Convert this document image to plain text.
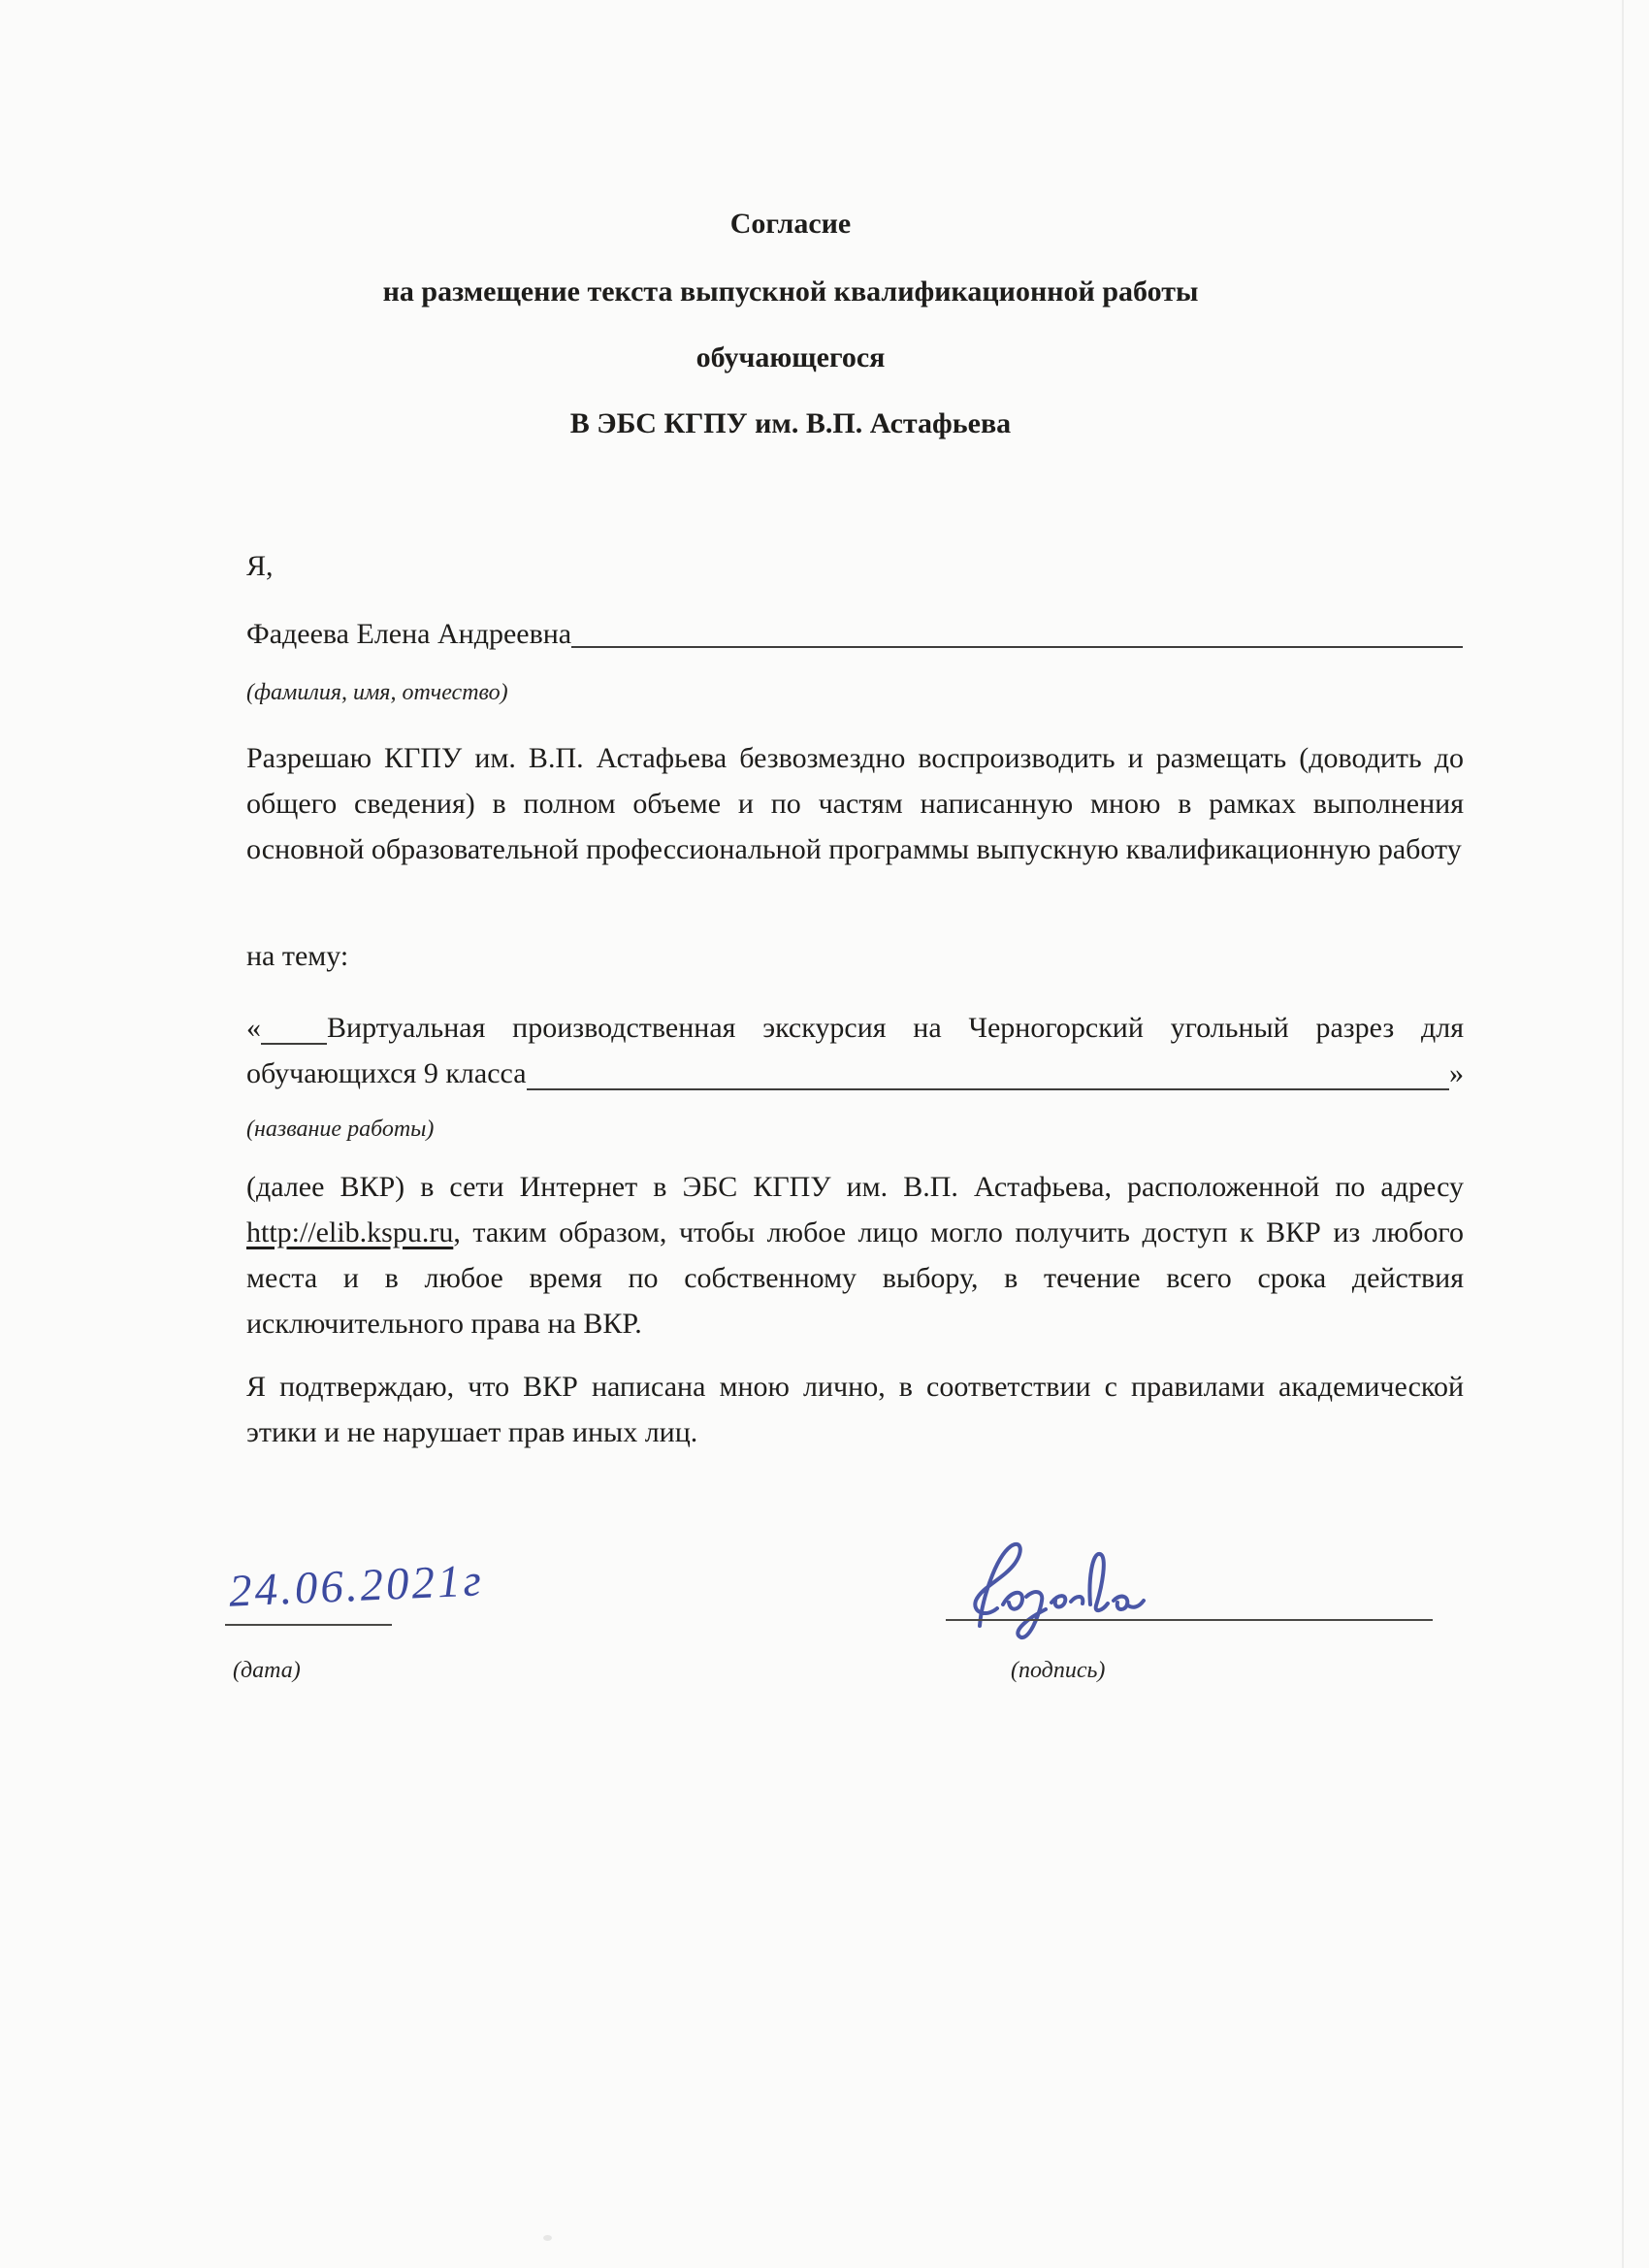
Согласие
на размещение текста выпускной квалификационной работы
обучающегося
В ЭБС КГПУ им. В.П. Астафьева
Я,
Фадеева Елена Андреевна
(фамилия, имя, отчество)
Разрешаю КГПУ им. В.П. Астафьева безвозмездно воспроизводить и размещать (доводить до общего сведения) в полном объеме и по частям написанную мною в рамках выполнения основной образовательной профессиональной программы выпускную квалификационную работу
на тему:
« Виртуальная производственная экскурсия на Черногорский угольный разрез для
обучающихся 9 класса	»
(название работы)
(далее ВКР) в сети Интернет в ЭБС КГПУ им. В.П. Астафьева, расположенной по адресу http://elib.kspu.ru, таким образом, чтобы любое лицо могло получить доступ к ВКР из любого места и в любое время по собственному выбору, в течение всего срока действия исключительного права на ВКР.
Я подтверждаю, что ВКР написана мною лично, в соответствии с правилами академической этики и не нарушает прав иных лиц.
24.06.2021г
(дата)	(подпись)
